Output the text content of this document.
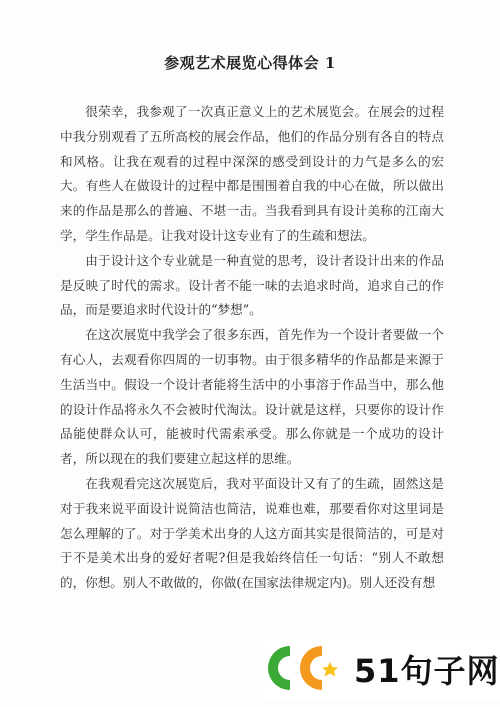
参观艺术展览心得体会 1

很荣幸，我参观了一次真正意义上的艺术展览会。在展会的过程中我分别观看了五所高校的展会作品，他们的作品分别有各自的特点和风格。让我在观看的过程中深深的感受到设计的力气是多么的宏大。有些人在做设计的过程中都是围围着自我的中心在做，所以做出来的作品是那么的普遍、不堪一击。当我看到具有设计美称的江南大学，学生作品是。让我对设计这专业有了的生疏和想法。

由于设计这个专业就是一种直觉的思考，设计者设计出来的作品是反映了时代的需求。设计者不能一味的去追求时尚，追求自己的作品，而是要追求时代设计的“梦想”。

在这次展览中我学会了很多东西，首先作为一个设计者要做一个有心人，去观看你四周的一切事物。由于很多精华的作品都是来源于生活当中。假设一个设计者能将生活中的小事溶于作品当中，那么他的设计作品将永久不会被时代淘汰。设计就是这样，只要你的设计作品能使群众认可，能被时代需索承受。那么你就是一个成功的设计者，所以现在的我们要建立起这样的思维。

在我观看完这次展览后，我对平面设计又有了的生疏，固然这是对于我来说平面设计说简洁也简洁，说难也难，那要看你对这里词是怎么理解的了。对于学美术出身的人这方面其实是很简洁的，可是对于不是美术出身的爱好者呢?但是我始终信任一句话：“别人不敢想的，你想。别人不敢做的，你做(在国家法律规定内)。别人还没有想

51句子网
